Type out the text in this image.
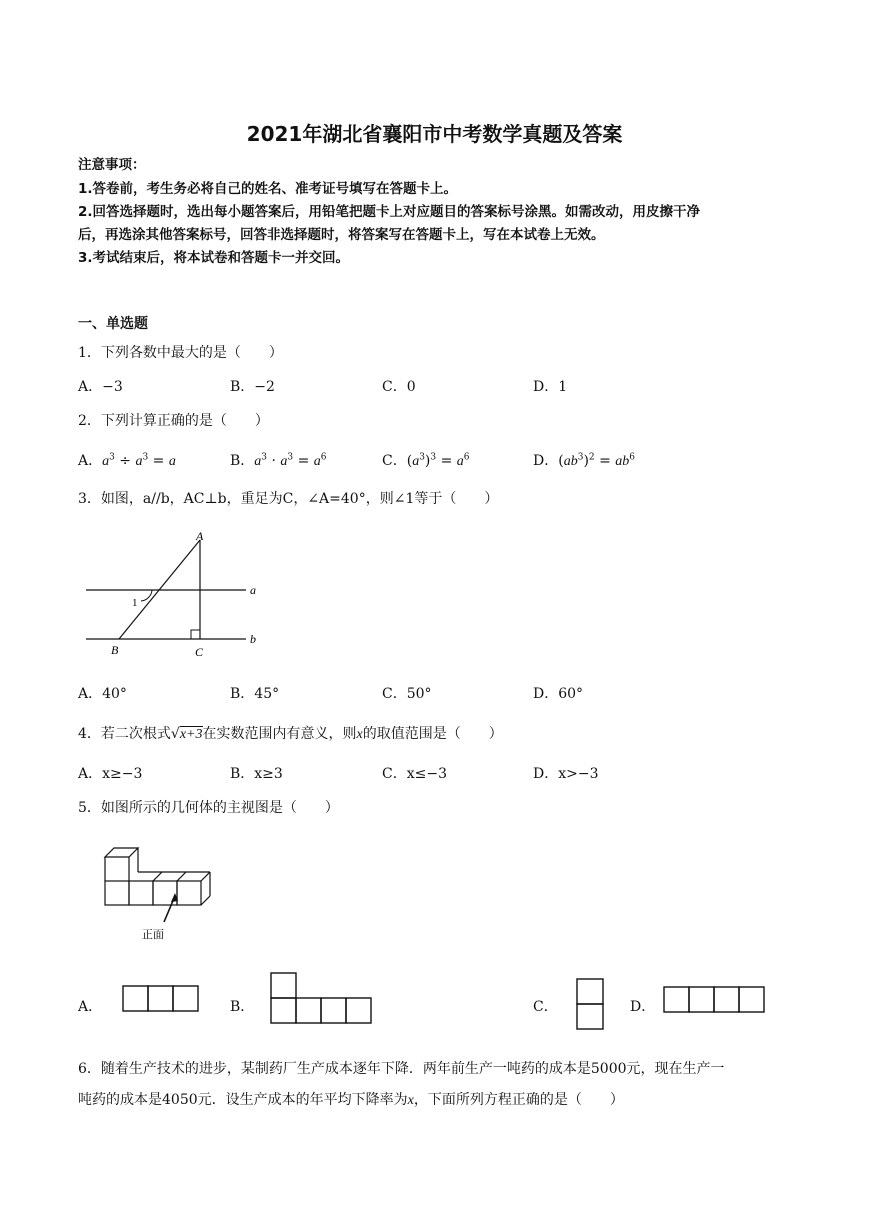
2021年湖北省襄阳市中考数学真题及答案
注意事项：
1.答卷前，考生务必将自己的姓名、准考证号填写在答题卡上。
2.回答选择题时，选出每小题答案后，用铅笔把题卡上对应题目的答案标号涂黑。如需改动，用皮擦干净
后，再选涂其他答案标号，回答非选择题时，将答案写在答题卡上，写在本试卷上无效。
3.考试结束后，将本试卷和答题卡一并交回。
一、单选题
1．下列各数中最大的是（　　）
A．−3	B．−2	C．0	D．1
2．下列计算正确的是（　　）
A．$a^3 \div a^3 = a$	B．$a^3 \cdot a^3 = a^6$	C．$(a^3)^3 = a^6$	D．$(ab^3)^2 = ab^6$
3．如图，a//b，AC⊥b，重足为C，∠A=40°，则∠1等于（　　）
A
B	C
a
b
1
A．40°	B．45°	C．50°	D．60°
4．若二次根式√x+3在实数范围内有意义，则x的取值范围是（　　）
A．x≥−3	B．x≥3	C．x≤−3	D．x>−3
5．如图所示的几何体的主视图是（　　）
正面
A．	B．	C．	D．
6．随着生产技术的进步，某制药厂生产成本逐年下降．两年前生产一吨药的成本是5000元，现在生产一
吨药的成本是4050元．设生产成本的年平均下降率为x，下面所列方程正确的是（　　）
